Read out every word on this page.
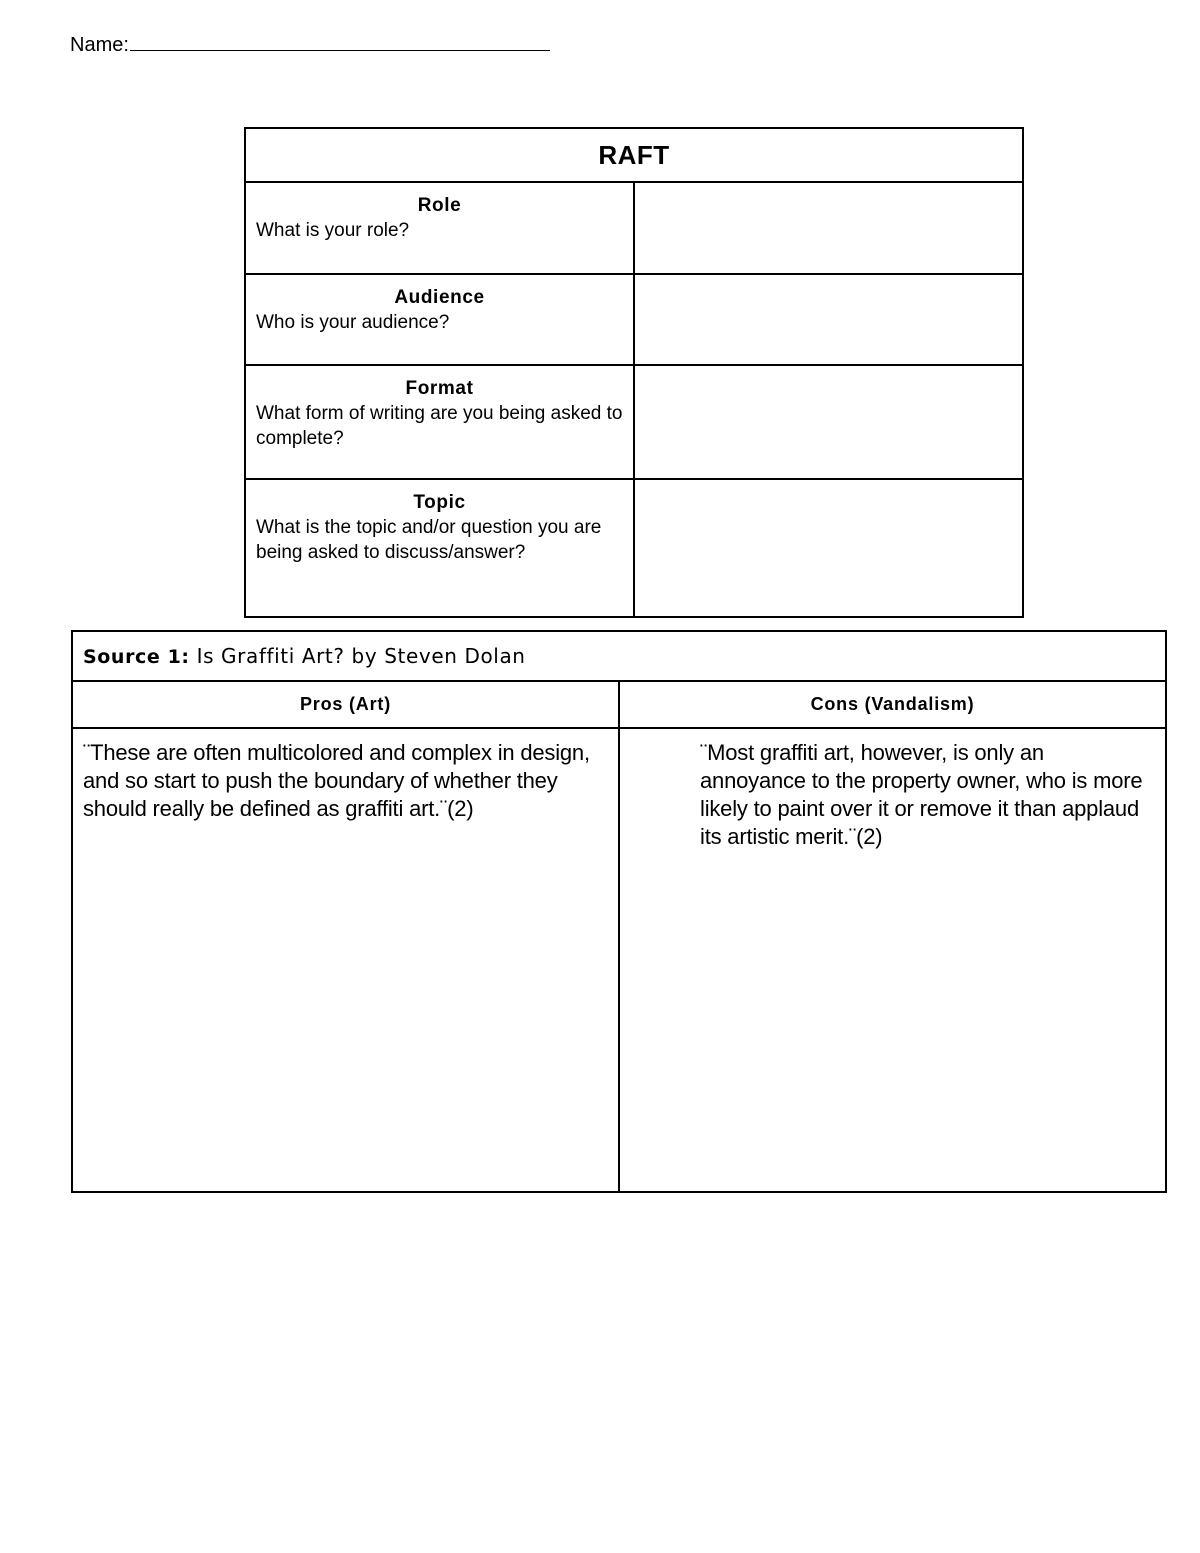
Name:
RAFT	

Role
What is your role?	

Audience
Who is your audience?	

Format
What form of writing are you being asked to complete?	

Topic
What is the topic and/or question you are being asked to discuss/answer?	

Source 1: Is Graffiti Art? by Steven Dolan	
Pros (Art)	Cons (Vandalism)
¨These are often multicolored and complex in design, and so start to push the boundary of whether they should really be defined as graffiti art.¨(2)	¨Most graffiti art, however, is only an annoyance to the property owner, who is more likely to paint over it or remove it than applaud its artistic merit.¨(2)
